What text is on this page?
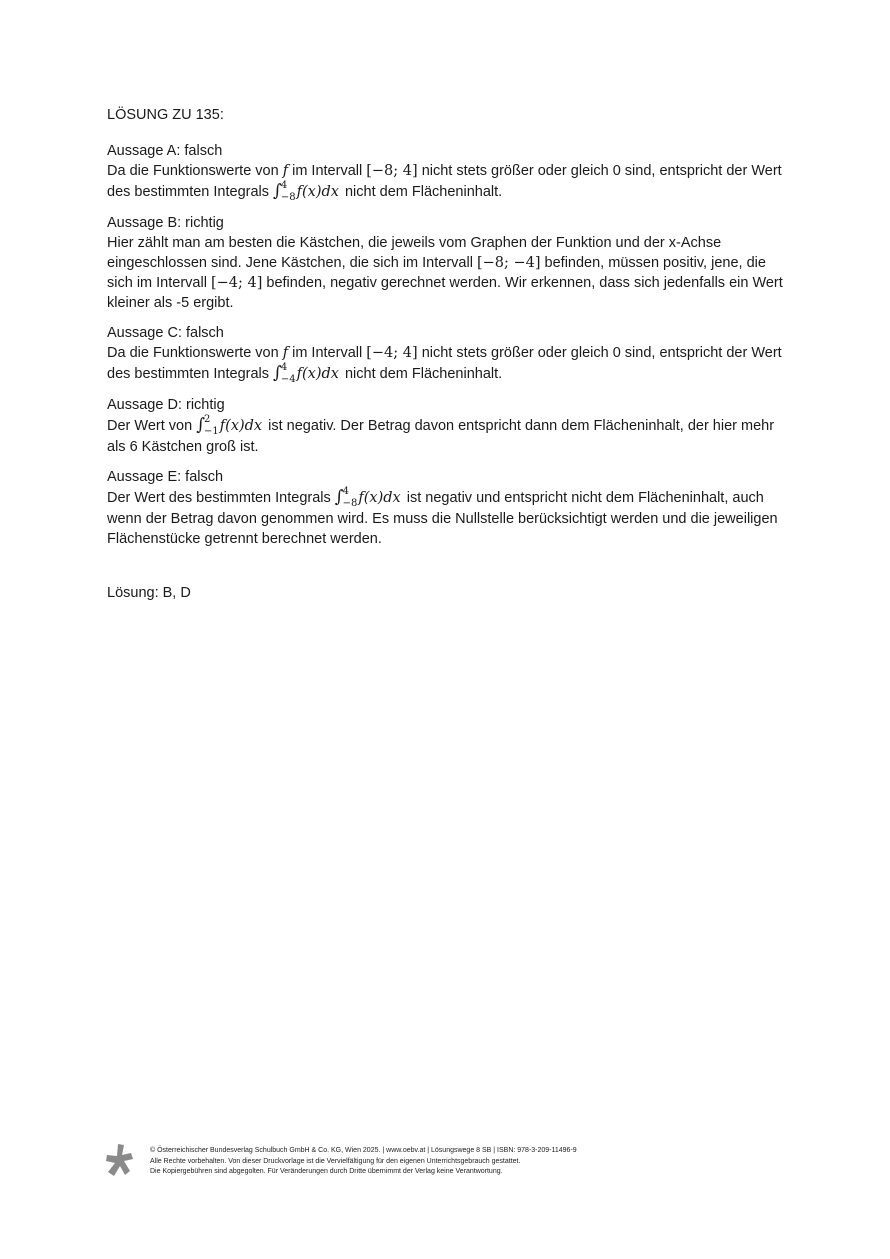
LÖSUNG ZU 135:
Aussage A: falsch
Da die Funktionswerte von f im Intervall [−8; 4] nicht stets größer oder gleich 0 sind, entspricht der Wert des bestimmten Integrals ∫ 4
−8 f(x)dx nicht dem Flächeninhalt.
Aussage B: richtig
Hier zählt man am besten die Kästchen, die jeweils vom Graphen der Funktion und der x-Achse eingeschlossen sind. Jene Kästchen, die sich im Intervall [−8; −4] befinden, müssen positiv, jene, die sich im Intervall [−4; 4] befinden, negativ gerechnet werden. Wir erkennen, dass sich jedenfalls ein Wert kleiner als -5 ergibt.
Aussage C: falsch
Da die Funktionswerte von f im Intervall [−4; 4] nicht stets größer oder gleich 0 sind, entspricht der Wert des bestimmten Integrals ∫ 4
−4 f(x)dx nicht dem Flächeninhalt.
Aussage D: richtig
Der Wert von ∫ 2
−1 f(x)dx ist negativ. Der Betrag davon entspricht dann dem Flächeninhalt, der hier mehr als 6 Kästchen groß ist.
Aussage E: falsch
Der Wert des bestimmten Integrals ∫ 4
−8 f(x)dx ist negativ und entspricht nicht dem Flächeninhalt, auch wenn der Betrag davon genommen wird. Es muss die Nullstelle berücksichtigt werden und die jeweiligen Flächenstücke getrennt berechnet werden.
Lösung: B, D
© Österreichischer Bundesverlag Schulbuch GmbH & Co. KG, Wien 2025. | www.oebv.at | Lösungswege 8 SB | ISBN: 978-3-209-11496-9
Alle Rechte vorbehalten. Von dieser Druckvorlage ist die Vervielfältigung für den eigenen Unterrichtsgebrauch gestattet.
Die Kopiergebühren sind abgegolten. Für Veränderungen durch Dritte übernimmt der Verlag keine Verantwortung.
